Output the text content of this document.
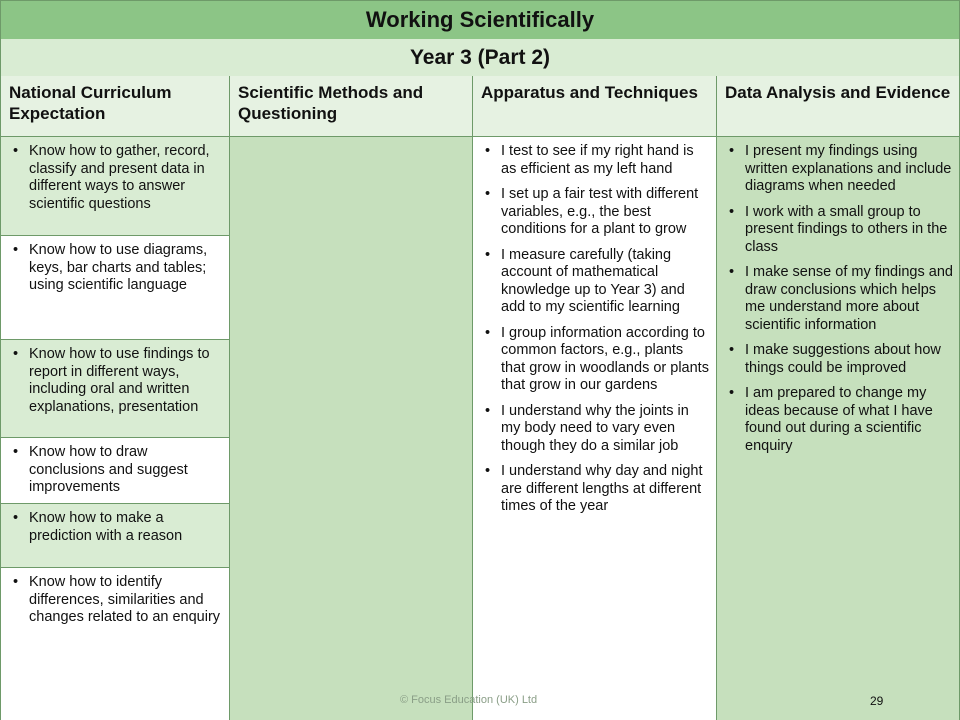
Working Scientifically
Year 3 (Part 2)
National Curriculum Expectation
• Know how to gather, record, classify and present data in different ways to answer scientific questions
• Know how to use diagrams, keys, bar charts and tables; using scientific language
• Know how to use findings to report in different ways, including oral and written explanations, presentation
• Know how to draw conclusions and suggest improvements
• Know how to make a prediction with a reason
• Know how to identify differences, similarities and changes related to an enquiry
Scientific Methods and Questioning
Apparatus and Techniques
• I test to see if my right hand is as efficient as my left hand
• I set up a fair test with different variables, e.g., the best conditions for a plant to grow
• I measure carefully (taking account of mathematical knowledge up to Year 3) and add to my scientific learning
• I group information according to common factors, e.g., plants that grow in woodlands or plants that grow in our gardens
• I understand why the joints in my body need to vary even though they do a similar job
• I understand why day and night are different lengths at different times of the year
Data Analysis and Evidence
• I present my findings using written explanations and include diagrams when needed
• I work with a small group to present findings to others in the class
• I make sense of my findings and draw conclusions which helps me understand more about scientific information
• I make suggestions about how things could be improved
• I am prepared to change my ideas because of what I have found out during a scientific enquiry
© Focus Education (UK) Ltd	29
